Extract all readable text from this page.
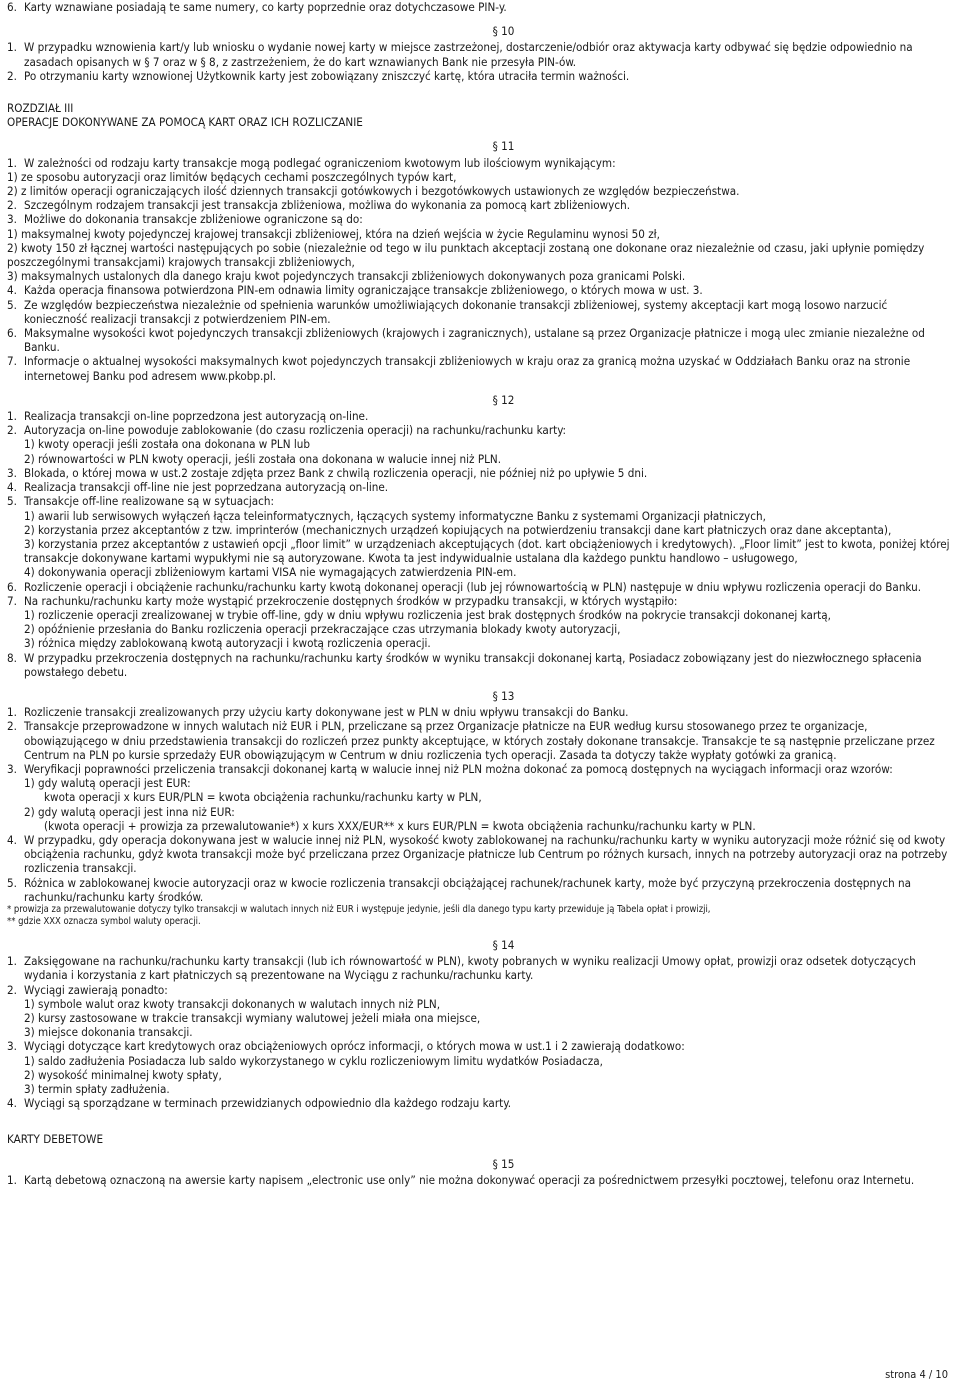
6. Karty wznawiane posiadają te same numery, co karty poprzednie oraz dotychczasowe PIN-y.
§ 10
1. W przypadku wznowienia kart/y lub wniosku o wydanie nowej karty w miejsce zastrzeżonej, dostarczenie/odbiór oraz aktywacja karty odbywać się będzie odpowiednio na zasadach opisanych w § 7 oraz w § 8, z zastrzeżeniem, że do kart wznawianych Bank nie przesyła PIN-ów.
2. Po otrzymaniu karty wznowionej Użytkownik karty jest zobowiązany zniszczyć kartę, która utraciła termin ważności.
ROZDZIAŁ III
OPERACJE DOKONYWANE ZA POMOCĄ KART ORAZ ICH ROZLICZANIE
§ 11
1. W zależności od rodzaju karty transakcje mogą podlegać ograniczeniom kwotowym lub ilościowym wynikającym:
1) ze sposobu autoryzacji oraz limitów będących cechami poszczególnych typów kart,
2) z limitów operacji ograniczających ilość dziennych transakcji gotówkowych i bezgotówkowych ustawionych ze względów bezpieczeństwa.
2. Szczególnym rodzajem transakcji jest transakcja zbliżeniowa, możliwa do wykonania za pomocą kart zbliżeniowych.
3. Możliwe do dokonania transakcje zbliżeniowe ograniczone są do:
1) maksymalnej kwoty pojedynczej krajowej transakcji zbliżeniowej, która na dzień wejścia w życie Regulaminu wynosi 50 zł,
2) kwoty 150 zł łącznej wartości następujących po sobie (niezależnie od tego w ilu punktach akceptacji zostaną one dokonane oraz niezależnie od czasu, jaki upłynie pomiędzy poszczególnymi transakcjami) krajowych transakcji zbliżeniowych,
3) maksymalnych ustalonych dla danego kraju kwot pojedynczych transakcji zbliżeniowych dokonywanych poza granicami Polski.
4. Każda operacja finansowa potwierdzona PIN-em odnawia limity ograniczające transakcje zbliżeniowego, o których mowa w ust. 3.
5. Ze względów bezpieczeństwa niezależnie od spełnienia warunków umożliwiających dokonanie transakcji zbliżeniowej, systemy akceptacji kart mogą losowo narzucić konieczność realizacji transakcji z potwierdzeniem PIN-em.
6. Maksymalne wysokości kwot pojedynczych transakcji zbliżeniowych (krajowych i zagranicznych), ustalane są przez Organizacje płatnicze i mogą ulec zmianie niezależne od Banku.
7. Informacje o aktualnej wysokości maksymalnych kwot pojedynczych transakcji zbliżeniowych w kraju oraz za granicą można uzyskać w Oddziałach Banku oraz na stronie internetowej Banku pod adresem www.pkobp.pl.
§ 12
1. Realizacja transakcji on-line poprzedzona jest autoryzacją on-line.
2. Autoryzacja on-line powoduje zablokowanie (do czasu rozliczenia operacji) na rachunku/rachunku karty:
1) kwoty operacji jeśli została ona dokonana w PLN lub
2) równowartości w PLN kwoty operacji, jeśli została ona dokonana w walucie innej niż PLN.
3. Blokada, o której mowa w ust.2 zostaje zdjęta przez Bank z chwilą rozliczenia operacji, nie później niż po upływie 5 dni.
4. Realizacja transakcji off-line nie jest poprzedzana autoryzacją on-line.
5. Transakcje off-line realizowane są w sytuacjach:
1) awarii lub serwisowych wyłączeń łącza teleinformatycznych, łączących systemy informatyczne Banku z systemami Organizacji płatniczych,
2) korzystania przez akceptantów z tzw. imprinterów (mechanicznych urządzeń kopiujących na potwierdzeniu transakcji dane kart płatniczych oraz dane akceptanta),
3) korzystania przez akceptantów z ustawień opcji „floor limit” w urządzeniach akceptujących (dot. kart obciążeniowych i kredytowych). „Floor limit” jest to kwota, poniżej której transakcje dokonywane kartami wypukłymi nie są autoryzowane. Kwota ta jest indywidualnie ustalana dla każdego punktu handlowo – usługowego,
4) dokonywania operacji zbliżeniowym kartami VISA nie wymagających zatwierdzenia PIN-em.
6. Rozliczenie operacji i obciążenie rachunku/rachunku karty kwotą dokonanej operacji (lub jej równowartością w PLN) następuje w dniu wpływu rozliczenia operacji do Banku.
7. Na rachunku/rachunku karty może wystąpić przekroczenie dostępnych środków w przypadku transakcji, w których wystąpiło:
1) rozliczenie operacji zrealizowanej w trybie off-line, gdy w dniu wpływu rozliczenia jest brak dostępnych środków na pokrycie transakcji dokonanej kartą,
2) opóźnienie przesłania do Banku rozliczenia operacji przekraczające czas utrzymania blokady kwoty autoryzacji,
3) różnica między zablokowaną kwotą autoryzacji i kwotą rozliczenia operacji.
8. W przypadku przekroczenia dostępnych na rachunku/rachunku karty środków w wyniku transakcji dokonanej kartą, Posiadacz zobowiązany jest do niezwłocznego spłacenia powstałego debetu.
§ 13
1. Rozliczenie transakcji zrealizowanych przy użyciu karty dokonywane jest w PLN w dniu wpływu transakcji do Banku.
2. Transakcje przeprowadzone w innych walutach niż EUR i PLN, przeliczane są przez Organizacje płatnicze na EUR według kursu stosowanego przez te organizacje, obowiązującego w dniu przedstawienia transakcji do rozliczeń przez punkty akceptujące, w których zostały dokonane transakcje. Transakcje te są następnie przeliczane przez Centrum na PLN po kursie sprzedaży EUR obowiązującym w Centrum w dniu rozliczenia tych operacji. Zasada ta dotyczy także wypłaty gotówki za granicą.
3. Weryfikacji poprawności przeliczenia transakcji dokonanej kartą w walucie innej niż PLN można dokonać za pomocą dostępnych na wyciągach informacji oraz wzorów:
1) gdy walutą operacji jest EUR:
kwota operacji x kurs EUR/PLN = kwota obciążenia rachunku/rachunku karty w PLN,
2) gdy walutą operacji jest inna niż EUR:
(kwota operacji + prowizja za przewalutowanie*) x kurs XXX/EUR** x kurs EUR/PLN = kwota obciążenia rachunku/rachunku karty w PLN.
4. W przypadku, gdy operacja dokonywana jest w walucie innej niż PLN, wysokość kwoty zablokowanej na rachunku/rachunku karty w wyniku autoryzacji może różnić się od kwoty obciążenia rachunku, gdyż kwota transakcji może być przeliczana przez Organizacje płatnicze lub Centrum po różnych kursach, innych na potrzeby autoryzacji oraz na potrzeby rozliczenia transakcji.
5. Różnica w zablokowanej kwocie autoryzacji oraz w kwocie rozliczenia transakcji obciążającej rachunek/rachunek karty, może być przyczyną przekroczenia dostępnych na rachunku/rachunku karty środków.
* prowizja za przewalutowanie dotyczy tylko transakcji w walutach innych niż EUR i występuje jedynie, jeśli dla danego typu karty przewiduje ją Tabela opłat i prowizji,
** gdzie XXX oznacza symbol waluty operacji.
§ 14
1. Zaksięgowane na rachunku/rachunku karty transakcji (lub ich równowartość w PLN), kwoty pobranych w wyniku realizacji Umowy opłat, prowizji oraz odsetek dotyczących wydania i korzystania z kart płatniczych są prezentowane na Wyciągu z rachunku/rachunku karty.
2. Wyciągi zawierają ponadto:
1) symbole walut oraz kwoty transakcji dokonanych w walutach innych niż PLN,
2) kursy zastosowane w trakcie transakcji wymiany walutowej jeżeli miała ona miejsce,
3) miejsce dokonania transakcji.
3. Wyciągi dotyczące kart kredytowych oraz obciążeniowych oprócz informacji, o których mowa w ust.1 i 2 zawierają dodatkowo:
1) saldo zadłużenia Posiadacza lub saldo wykorzystanego w cyklu rozliczeniowym limitu wydatków Posiadacza,
2) wysokość minimalnej kwoty spłaty,
3) termin spłaty zadłużenia.
4. Wyciągi są sporządzane w terminach przewidzianych odpowiednio dla każdego rodzaju karty.
KARTY DEBETOWE
§ 15
1. Kartą debetową oznaczoną na awersie karty napisem „electronic use only” nie można dokonywać operacji za pośrednictwem przesyłki pocztowej, telefonu oraz Internetu.
strona 4 / 10
